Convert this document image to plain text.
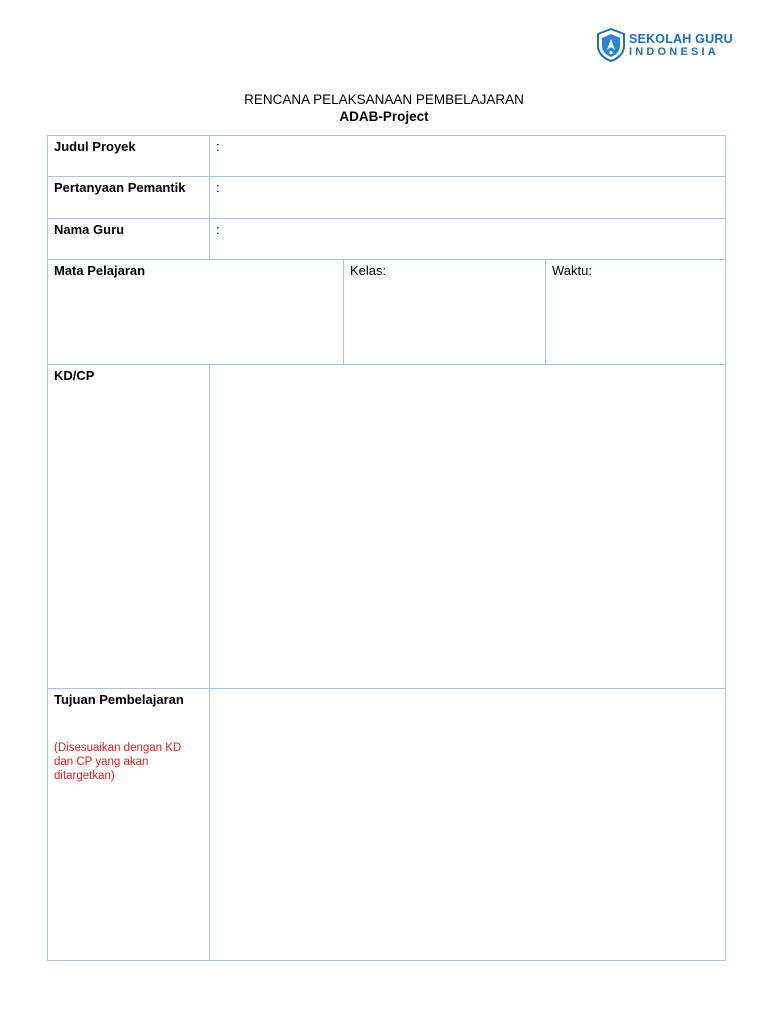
SEKOLAH GURU
INDONESIA
RENCANA PELAKSANAAN PEMBELAJARAN
ADAB-Project
Judul Proyek	:		
Pertanyaan Pemantik	:		
Nama Guru	:		
Mata Pelajaran		Kelas:	Waktu:
KD/CP			

Tujuan Pembelajaran
(Disesuaikan dengan KD dan CP yang akan ditargetkan)			
